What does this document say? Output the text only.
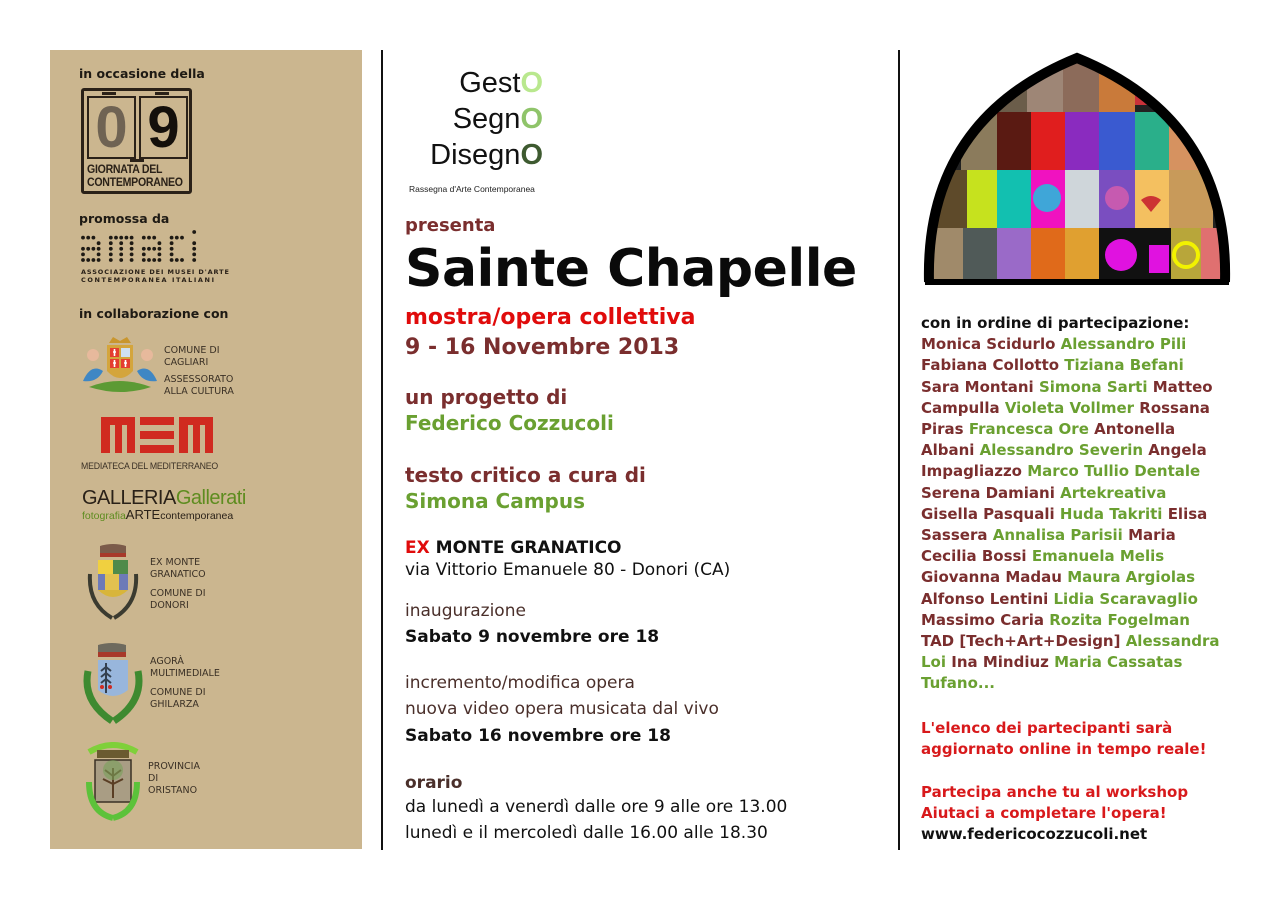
in occasione della
0 9
GIORNATA DEL
CONTEMPORANEO
promossa da
ASSOCIAZIONE DEI MUSEI D'ARTE
CONTEMPORANEA ITALIANI
in collaborazione con
COMUNE DI
CAGLIARI
ASSESSORATO
ALLA CULTURA
MEDIATECA DEL MEDITERRANEO
GALLERIAGallerati
fotografiaARTEcontemporanea
EX MONTE
GRANATICO
COMUNE DI
DONORI
AGORÀ
MULTIMEDIALE
COMUNE DI
GHILARZA
PROVINCIA
DI
ORISTANO
GestO
SegnO
DisegnO
Rassegna d'Arte Contemporanea
presenta
Sainte Chapelle
mostra/opera collettiva
9 - 16 Novembre 2013
un progetto di
Federico Cozzucoli
testo critico a cura di
Simona Campus
EX MONTE GRANATICO
via Vittorio Emanuele 80 - Donori (CA)
inaugurazione
Sabato 9 novembre ore 18
incremento/modifica opera
nuova video opera musicata dal vivo
Sabato 16 novembre ore 18
orario
da lunedì a venerdì dalle ore 9 alle ore 13.00
lunedì e il mercoledì dalle 16.00 alle 18.30
con in ordine di partecipazione:
Monica Scidurlo Alessandro Pili Fabiana Collotto Tiziana Befani Sara Montani Simona Sarti Matteo Campulla Violeta Vollmer Rossana Piras Francesca Ore Antonella Albani Alessandro Severin Angela Impagliazzo Marco Tullio Dentale Serena Damiani Artekreativa Gisella Pasquali Huda Takriti Elisa Sassera Annalisa Parisii Maria Cecilia Bossi Emanuela Melis Giovanna Madau Maura Argiolas Alfonso Lentini Lidia Scaravaglio Massimo Caria Rozita Fogelman TAD [Tech+Art+Design] Alessandra Loi Ina Mindiuz Maria Cassatas Tufano...
L'elenco dei partecipanti sarà
aggiornato online in tempo reale!
Partecipa anche tu al workshop
Aiutaci a completare l'opera!
www.federicocozzucoli.net
